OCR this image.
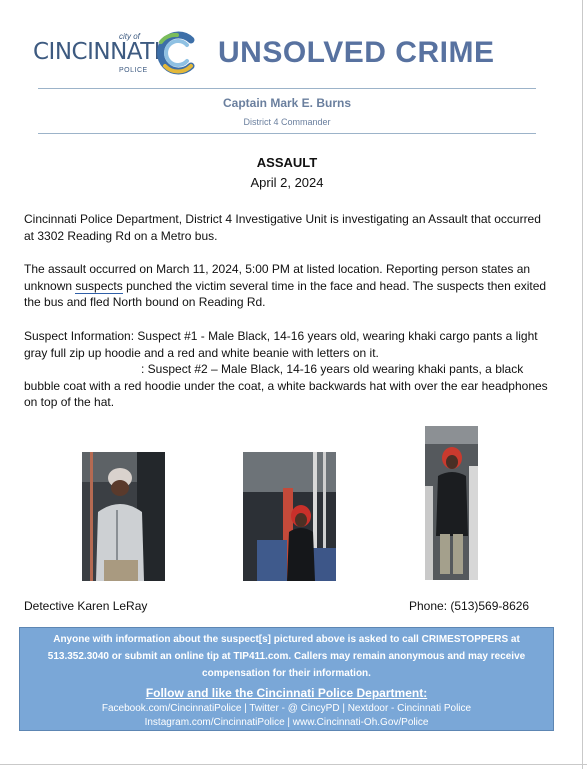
city of
CINCINNATI
POLICE
UNSOLVED CRIME
Captain Mark E. Burns
District 4 Commander
ASSAULT
April 2, 2024
Cincinnati Police Department, District 4 Investigative Unit is investigating an Assault that occurred at 3302 Reading Rd on a Metro bus.
The assault occurred on March 11, 2024, 5:00 PM at listed location. Reporting person states an unknown suspects punched the victim several time in the face and head. The suspects then exited the bus and fled North bound on Reading Rd.
Suspect Information: Suspect #1 - Male Black, 14-16 years old, wearing khaki cargo pants a light gray full zip up hoodie and a red and white beanie with letters on it.
: Suspect #2 – Male Black, 14-16 years old wearing khaki pants, a black bubble coat with a red hoodie under the coat, a white backwards hat with over the ear headphones on top of the hat.
Detective Karen LeRay	Phone: (513)569-8626
Anyone with information about the suspect[s] pictured above is asked to call CRIMESTOPPERS at 513.352.3040 or submit an online tip at TIP411.com. Callers may remain anonymous and may receive compensation for their information.
Follow and like the Cincinnati Police Department:
Facebook.com/CincinnatiPolice | Twitter - @ CincyPD | Nextdoor - Cincinnati Police
Instagram.com/CincinnatiPolice | www.Cincinnati-Oh.Gov/Police
